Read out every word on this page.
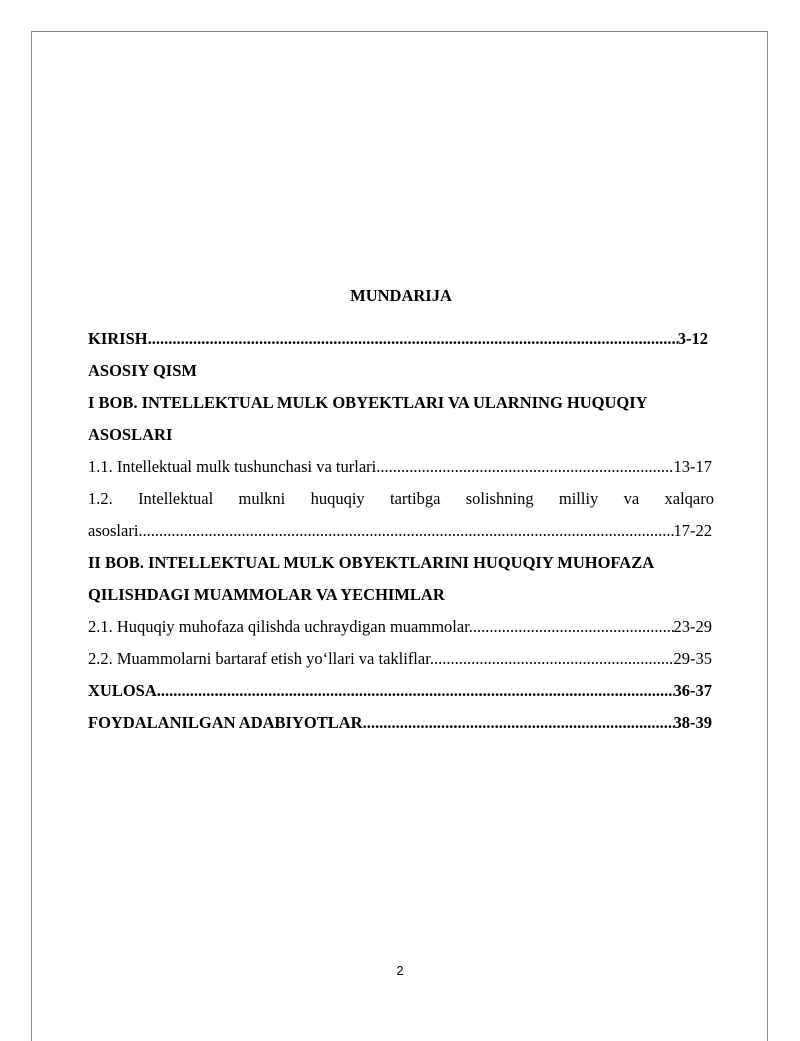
MUNDARIJA
KIRISH .....	3-12
ASOSIY QISM
I BOB. INTELLEKTUAL MULK OBYEKTLARI VA ULARNING HUQUQIY
ASOSLARI
1.1. Intellektual mulk tushunchasi va turlari .....	13-17
1.2. Intellektual mulkni huquqiy tartibga solishning milliy va xalqaro
asoslari .....	17-22
II BOB. INTELLEKTUAL MULK OBYEKTLARINI HUQUQIY MUHOFAZA
QILISHDAGI MUAMMOLAR VA YECHIMLAR
2.1. Huquqiy muhofaza qilishda uchraydigan muammolar .....	23-29
2.2. Muammolarni bartaraf etish yo‘llari va takliflar .....	29-35
XULOSA .....	36-37
FOYDALANILGAN ADABIYOTLAR .....	38-39
2
